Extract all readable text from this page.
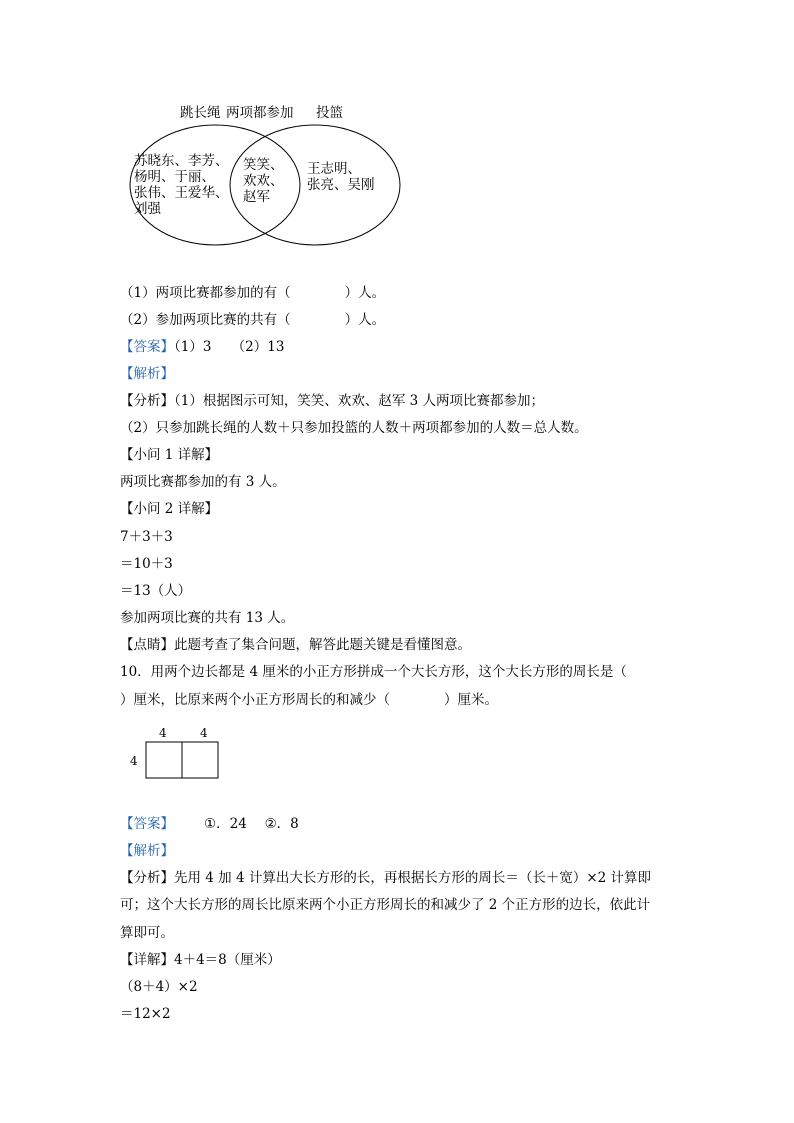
跳长绳 两项都参加 投篮
苏晓东、李芳、
杨明、于丽、
张伟、王爱华、
刘强
笑笑、
欢欢、
赵军
王志明、
张亮、吴刚
（1）两项比赛都参加的有（　　　　）人。
（2）参加两项比赛的共有（　　　　）人。
【答案】（1）3　　（2）13
【解析】
【分析】（1）根据图示可知，笑笑、欢欢、赵军 3 人两项比赛都参加；
（2）只参加跳长绳的人数＋只参加投篮的人数＋两项都参加的人数＝总人数。
【小问 1 详解】
两项比赛都参加的有 3 人。
【小问 2 详解】
7＋3＋3
＝10＋3
＝13（人）
参加两项比赛的共有 13 人。
【点睛】此题考查了集合问题，解答此题关键是看懂图意。
10．用两个边长都是 4 厘米的小正方形拼成一个大长方形，这个大长方形的周长是（
）厘米，比原来两个小正方形周长的和减少（　　　　）厘米。
4	4
4
【答案】 ①．24　 ②．8
【解析】
【分析】先用 4 加 4 计算出大长方形的长，再根据长方形的周长＝（长＋宽）×2 计算即
可；这个大长方形的周长比原来两个小正方形周长的和减少了 2 个正方形的边长，依此计
算即可。
【详解】4＋4＝8（厘米）
（8＋4）×2
＝12×2
